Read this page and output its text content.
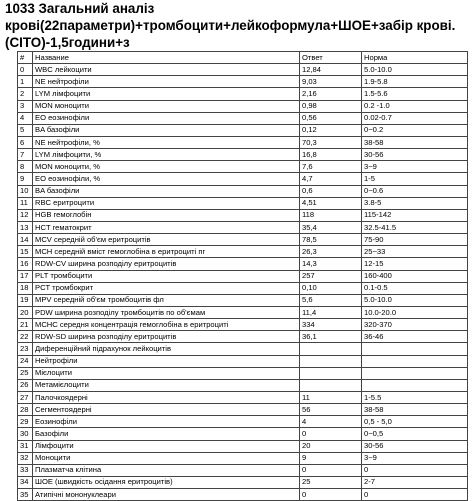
1033 Загальний аналіз

крові(22параметри)+тромбоцити+лейкоформула+ШОЕ+забір крові.

(CITO)-1,5години+з

#	Название	Ответ	Норма
0	WBC лейкоцити	12,84	5.0-10.0
1	NE нейтрофіли	9,03	1.9-5.8
2	LYM лімфоцити	2,16	1.5-5.6
3	MON моноцити	0,98	0.2 -1.0
4	EO еозинофіли	0,56	0.02-0.7
5	BA базофіли	0,12	0~0.2
6	NE нейтрофіли, %	70,3	38-58
7	LYM лімфоцити, %	16,8	30-56
8	MON моноцити, %	7,6	3~9
9	EO еозинофіли, %	4,7	1-5
10	BA базофіли	0,6	0~0.6
11	RBC еритроцити	4,51	3.8-5
12	HGB гемоглобін	118	115-142
13	HCT гематокрит	35,4	32.5-41.5
14	MCV середній об'єм еритроцитів	78,5	75-90
15	MCH середній вміст гемоглобіна в еритроциті пг	26,3	25~33
16	RDW-CV ширина розподілу еритроцитів	14,3	12-15
17	PLT тромбоцити	257	160-400
18	PCT тромбокрит	0,10	0.1-0.5
19	MPV середній об'єм тромбоцитів фл	5,6	5.0-10.0
20	PDW ширина розподілу тромбоцитів по об'ємам	11,4	10.0-20.0
21	MCHC середня концентрація гемоглобіна в еритроциті	334	320-370
22	RDW-SD ширина розподілу еритроцитів	36,1	36-46
23	Диференційний підрахунок лейкоцитів		
24	Нейтрофіли		
25	Мієлоцити		
26	Метамієлоцити		
27	Палочкоядерні	11	1-5.5
28	Сегментоядерні	56	38-58
29	Еозинофіли	4	0,5 - 5,0
30	Базофіли	0	0~0,5
31	Лімфоцити	20	30-56
32	Моноцити	9	3~9
33	Плазматча клітина	0	0
34	ШОЕ (швидкість осідання еритроцитів)	25	2-7
35	Атипічні мононуклеари	0	0
